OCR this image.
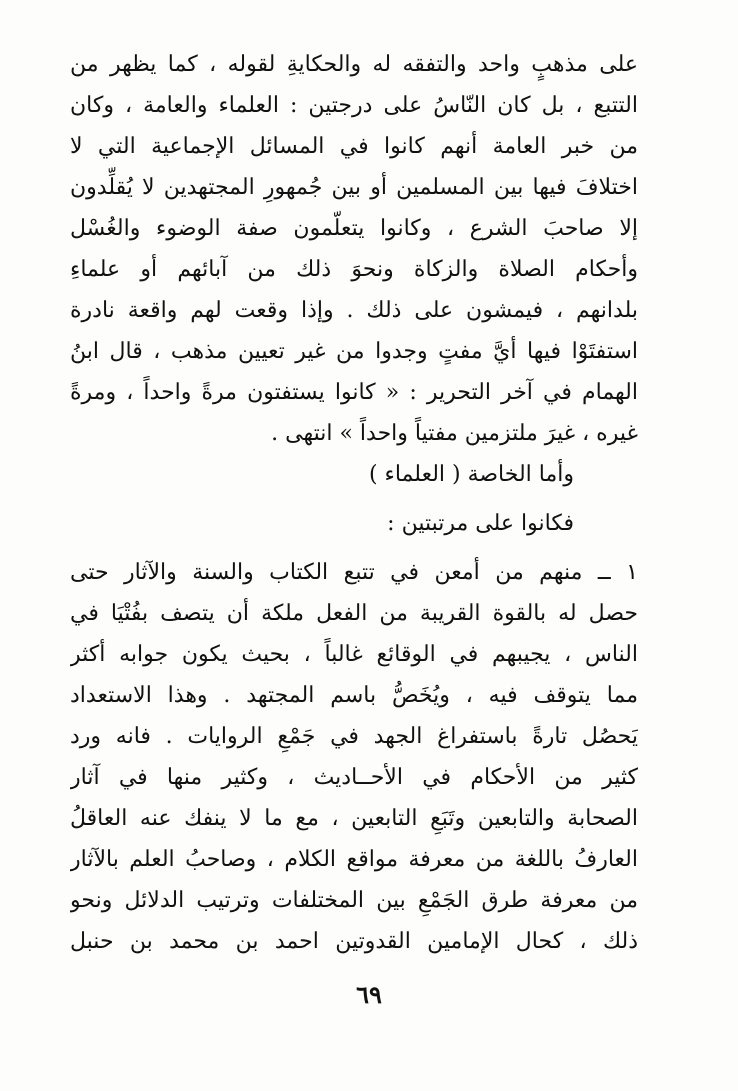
على مذهبٍ واحد والتفقه له والحكايةِ لقوله ، كما يظهر من
التتبع ، بل كان النّاسُ على درجتين : العلماء والعامة ، وكان
من خبر العامة أنهم كانوا في المسائل الإجماعية التي لا
اختلافَ فيها بين المسلمين أو بين جُمهورِ المجتهدين لا يُقلِّدون
إلا صاحبَ الشرع ، وكانوا يتعلّمون صفة الوضوء والغُسْل
وأحكام الصلاة والزكاة ونحوَ ذلك من آبائهم أو علماءِ
بلدانهم ، فيمشون على ذلك . وإذا وقعت لهم واقعة نادرة
استفتَوْا فيها أيَّ مفتٍ وجدوا من غير تعيين مذهب ، قال ابنُ
الهمام في آخر التحرير : « كانوا يستفتون مرةً واحداً ، ومرةً
غيره ، غيرَ ملتزمين مفتياً واحداً » انتهى .
وأما الخاصة ( العلماء )
فكانوا على مرتبتين :
١ ــ منهم من أمعن في تتبع الكتاب والسنة والآثار حتى
حصل له بالقوة القريبة من الفعل ملكة أن يتصف بفُتْيَا في
الناس ، يجيبهم في الوقائع غالباً ، بحيث يكون جوابه أكثر
مما يتوقف فيه ، ويُخَصُّ باسم المجتهد . وهذا الاستعداد
يَحصُل تارةً باستفراغ الجهد في جَمْعِ الروايات . فانه ورد
كثير من الأحكام في الأحــاديث ، وكثير منها في آثار
الصحابة والتابعين وتَبَعِ التابعين ، مع ما لا ينفك عنه العاقلُ
العارفُ باللغة من معرفة مواقع الكلام ، وصاحبُ العلم بالآثار
من معرفة طرق الجَمْعِ بين المختلفات وترتيب الدلائل ونحو
ذلك ، كحال الإمامين القدوتين احمد بن محمد بن حنبل
٦٩
